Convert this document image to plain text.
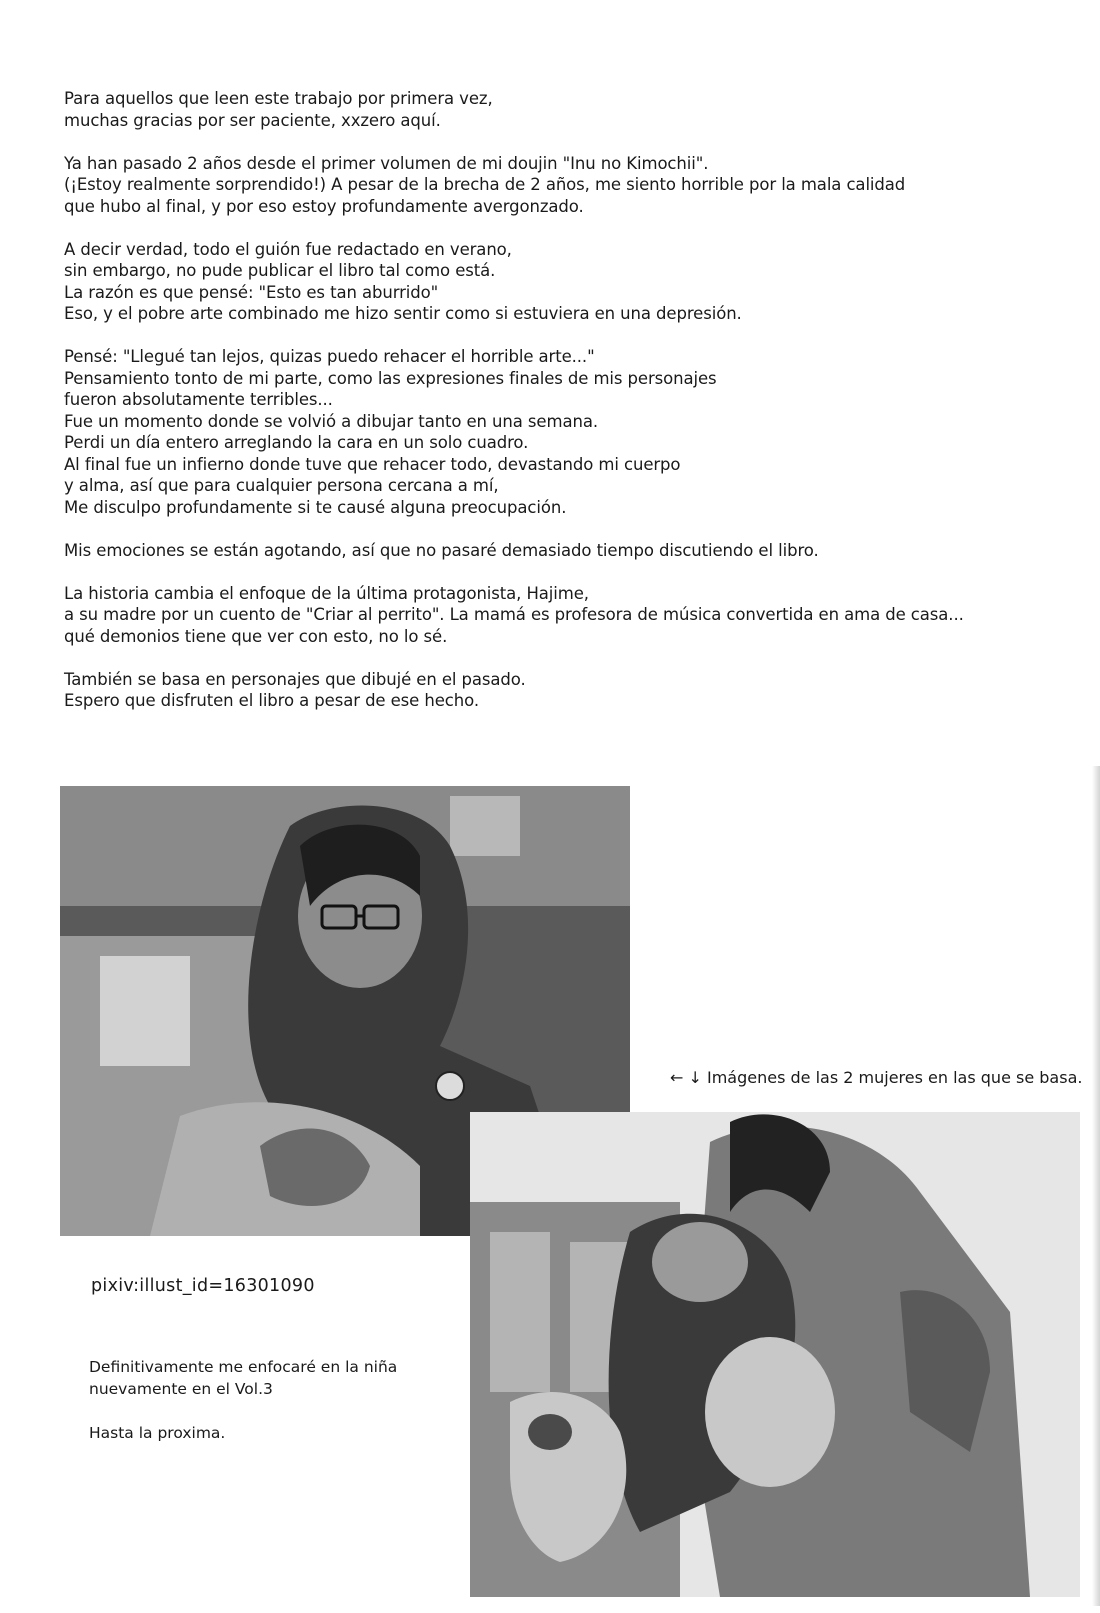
Para aquellos que leen este trabajo por primera vez,
muchas gracias por ser paciente, xxzero aquí.

Ya han pasado 2 años desde el primer volumen de mi doujin "Inu no Kimochii".
(¡Estoy realmente sorprendido!) A pesar de la brecha de 2 años, me siento horrible por la mala calidad
que hubo al final, y por eso estoy profundamente avergonzado.

A decir verdad, todo el guión fue redactado en verano,
sin embargo, no pude publicar el libro tal como está.
La razón es que pensé: "Esto es tan aburrido"
Eso, y el pobre arte combinado me hizo sentir como si estuviera en una depresión.

Pensé: "Llegué tan lejos, quizas puedo rehacer el horrible arte..."
Pensamiento tonto de mi parte, como las expresiones finales de mis personajes
fueron absolutamente terribles...
Fue un momento donde se volvió a dibujar tanto en una semana.
Perdi un día entero arreglando la cara en un solo cuadro.
Al final fue un infierno donde tuve que rehacer todo, devastando mi cuerpo
y alma, así que para cualquier persona cercana a mí,
Me disculpo profundamente si te causé alguna preocupación.

Mis emociones se están agotando, así que no pasaré demasiado tiempo discutiendo el libro.

La historia cambia el enfoque de la última protagonista, Hajime,
a su madre por un cuento de "Criar al perrito". La mamá es profesora de música convertida en ama de casa...
qué demonios tiene que ver con esto, no lo sé.

También se basa en personajes que dibujé en el pasado.
Espero que disfruten el libro a pesar de ese hecho.

← ↓ Imágenes de las 2 mujeres en las que se basa.
pixiv:illust_id=16301090

Definitivamente me enfocaré en la niña
nuevamente en el Vol.3

Hasta la proxima.
